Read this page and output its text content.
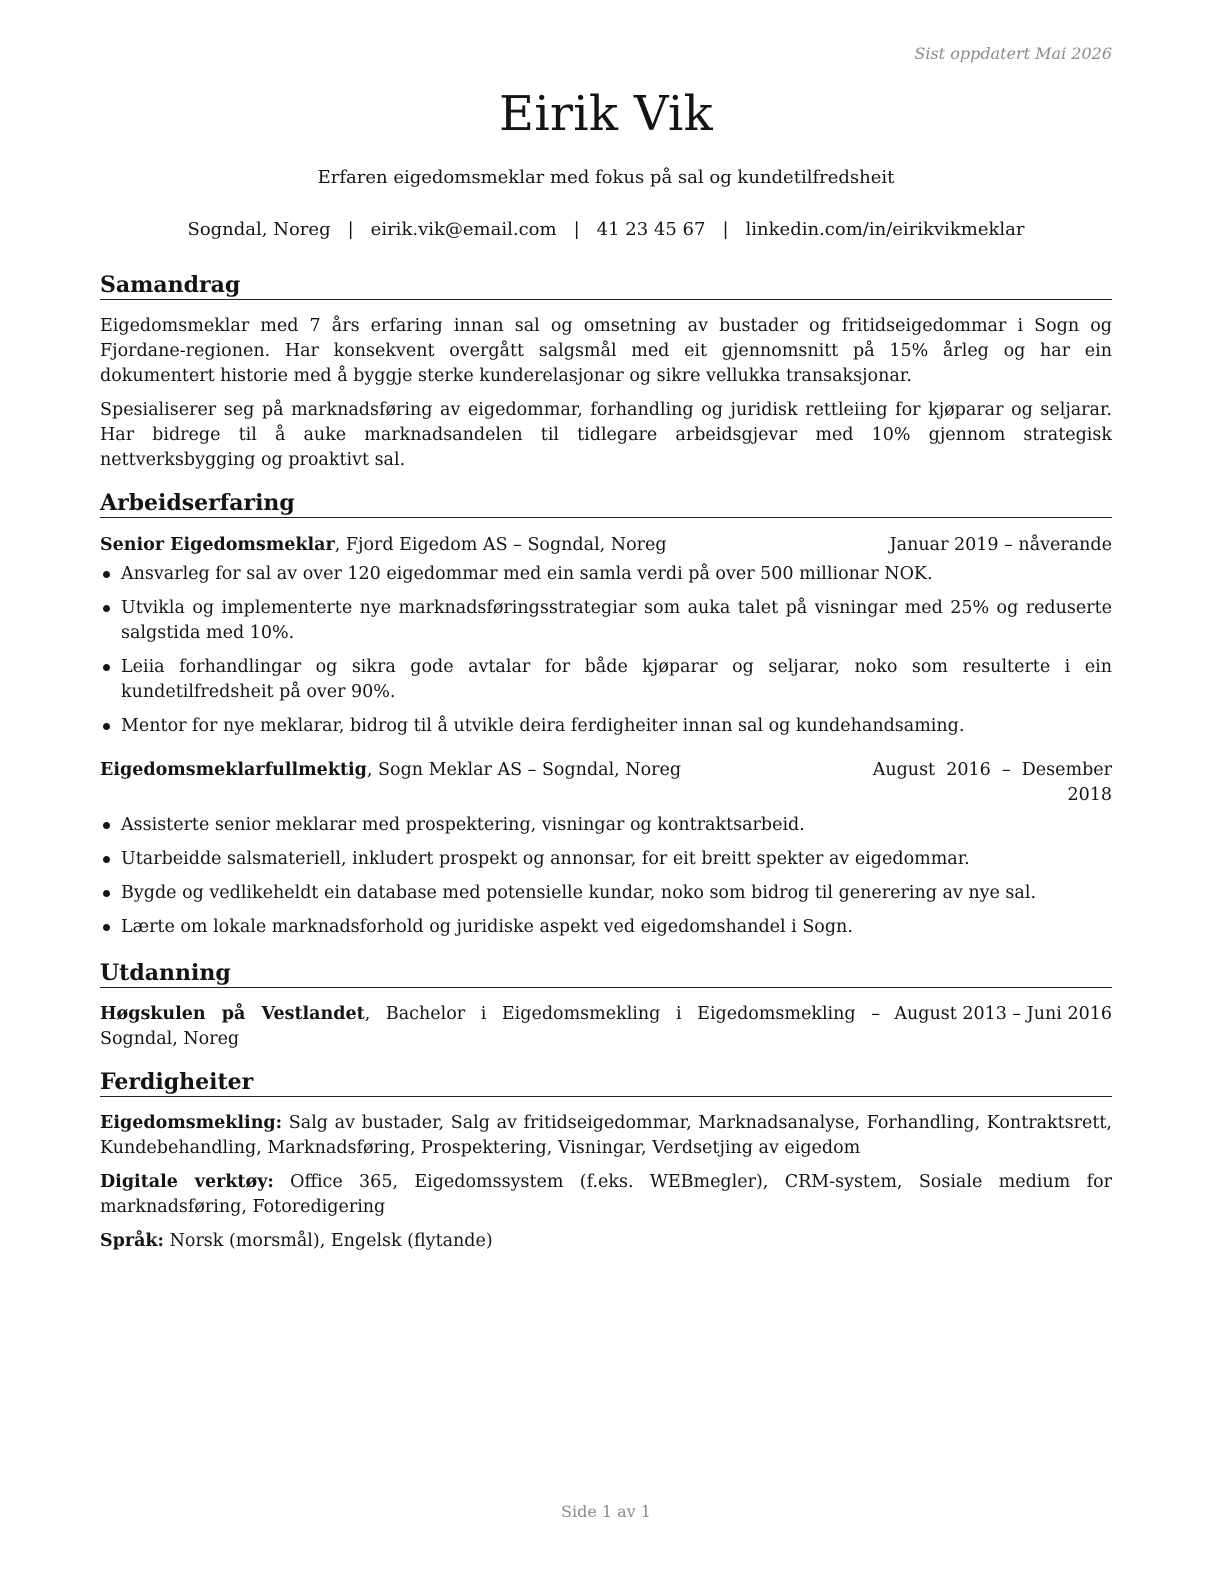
Sist oppdatert Mai 2026
Eirik Vik
Erfaren eigedomsmeklar med fokus på sal og kundetilfredsheit
Sogndal, Noreg | eirik.vik@email.com | 41 23 45 67 | linkedin.com/in/eirikvikmeklar
Samandrag
Eigedomsmeklar med 7 års erfaring innan sal og omsetning av bustader og fritidseigedommar i Sogn og Fjordane-regionen. Har konsekvent overgått salgsmål med eit gjennomsnitt på 15% årleg og har ein dokumentert historie med å byggje sterke kunderelasjonar og sikre vellukka transaksjonar.
Spesialiserer seg på marknadsføring av eigedommar, forhandling og juridisk rettleiing for kjøparar og seljarar. Har bidrege til å auke marknadsandelen til tidlegare arbeidsgjevar med 10% gjennom strategisk nettverksbygging og proaktivt sal.
Arbeidserfaring
Senior Eigedomsmeklar, Fjord Eigedom AS – Sogndal, Noreg	Januar 2019 – nåverande
Ansvarleg for sal av over 120 eigedommar med ein samla verdi på over 500 millionar NOK.
Utvikla og implementerte nye marknadsføringsstrategiar som auka talet på visningar med 25% og reduserte salgstida med 10%.
Leiia forhandlingar og sikra gode avtalar for både kjøparar og seljarar, noko som resulterte i ein kundetilfredsheit på over 90%.
Mentor for nye meklarar, bidrog til å utvikle deira ferdigheiter innan sal og kundehandsaming.
Eigedomsmeklarfullmektig, Sogn Meklar AS – Sogndal, Noreg	August  2016  –  Desember
2018
Assisterte senior meklarar med prospektering, visningar og kontraktsarbeid.
Utarbeidde salsmateriell, inkludert prospekt og annonsar, for eit breitt spekter av eigedommar.
Bygde og vedlikeheldt ein database med potensielle kundar, noko som bidrog til generering av nye sal.
Lærte om lokale marknadsforhold og juridiske aspekt ved eigedomshandel i Sogn.
Utdanning
Høgskulen på Vestlandet, Bachelor i Eigedomsmekling i Eigedomsmekling – Sogndal, Noreg
August 2013 – Juni 2016
Ferdigheiter
Eigedomsmekling: Salg av bustader, Salg av fritidseigedommar, Marknadsanalyse, Forhandling, Kontraktsrett, Kundebehandling, Marknadsføring, Prospektering, Visningar, Verdsetjing av eigedom
Digitale verktøy: Office 365, Eigedomssystem (f.eks. WEBmegler), CRM-system, Sosiale medium for marknadsføring, Fotoredigering
Språk: Norsk (morsmål), Engelsk (flytande)
Side 1 av 1
